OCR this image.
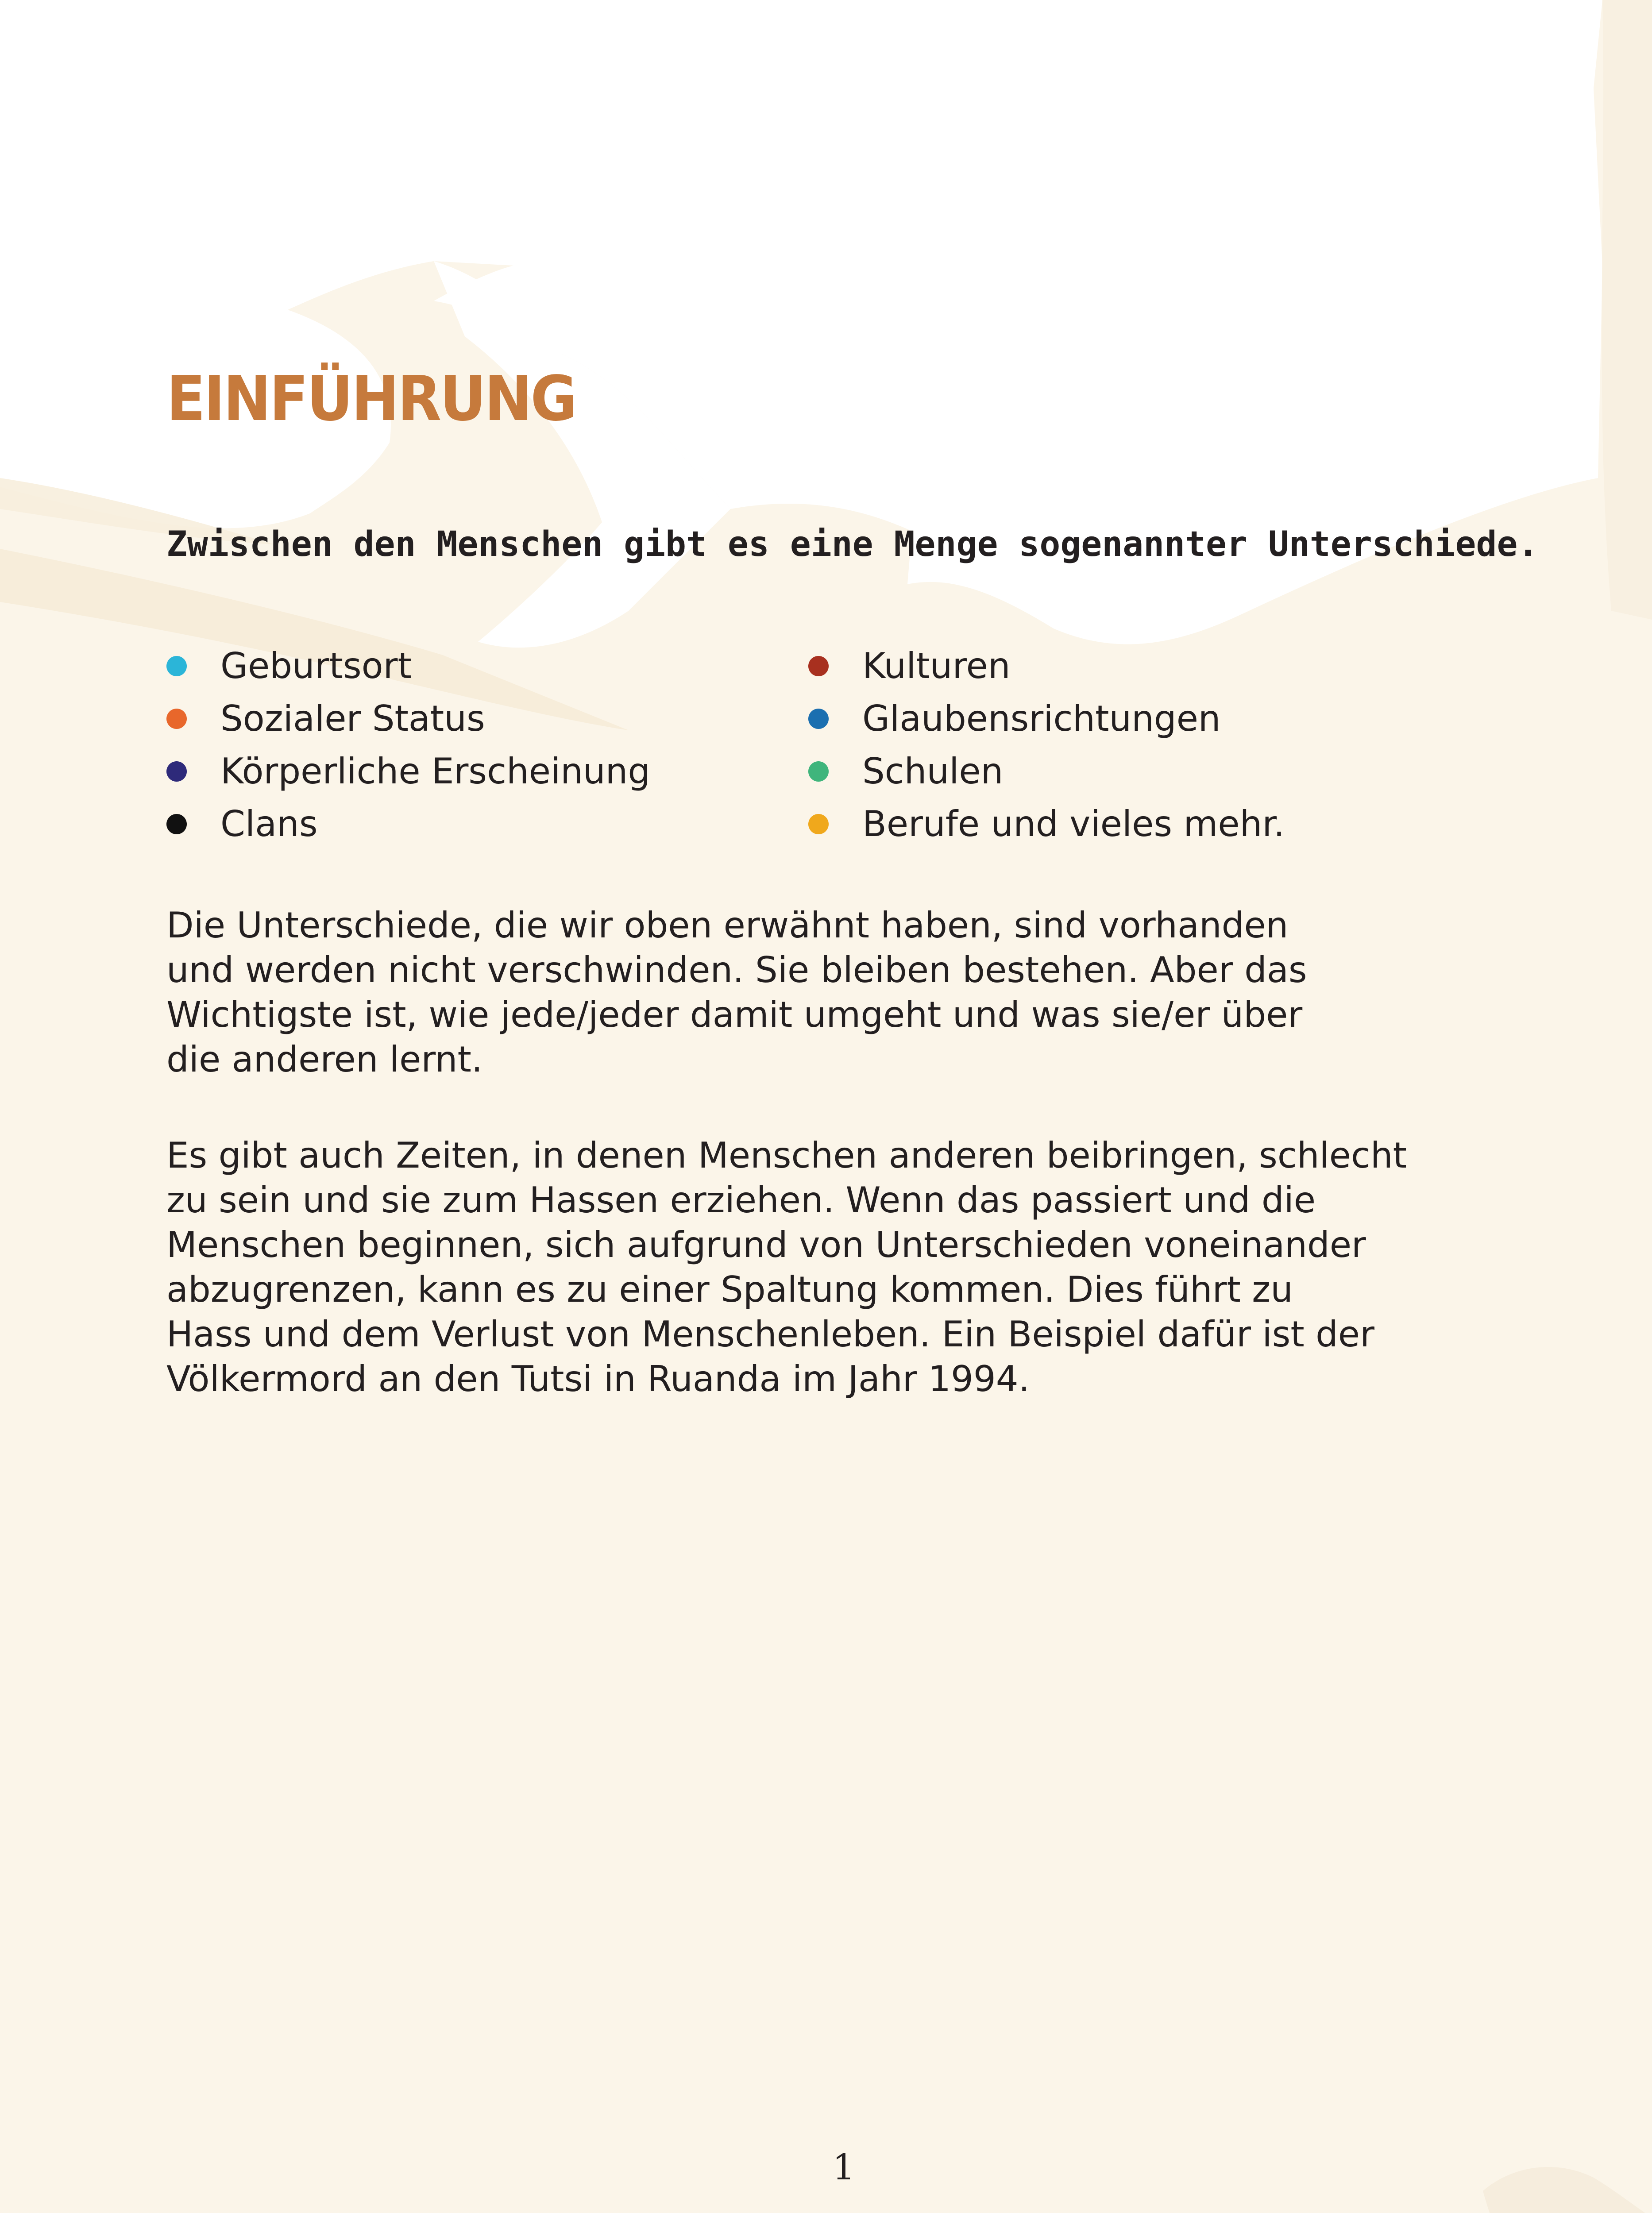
EINFÜHRUNG

Zwischen den Menschen gibt es eine Menge sogenannter Unterschiede.

Geburtsort
Sozialer Status
Körperliche Erscheinung
Clans
Kulturen
Glaubensrichtungen
Schulen
Berufe und vieles mehr.

Die Unterschiede, die wir oben erwähnt haben, sind vorhanden
und werden nicht verschwinden. Sie bleiben bestehen. Aber das
Wichtigste ist, wie jede/jeder damit umgeht und was sie/er über
die anderen lernt.

Es gibt auch Zeiten, in denen Menschen anderen beibringen, schlecht
zu sein und sie zum Hassen erziehen. Wenn das passiert und die
Menschen beginnen, sich aufgrund von Unterschieden voneinander
abzugrenzen, kann es zu einer Spaltung kommen. Dies führt zu
Hass und dem Verlust von Menschenleben. Ein Beispiel dafür ist der
Völkermord an den Tutsi in Ruanda im Jahr 1994.

1
